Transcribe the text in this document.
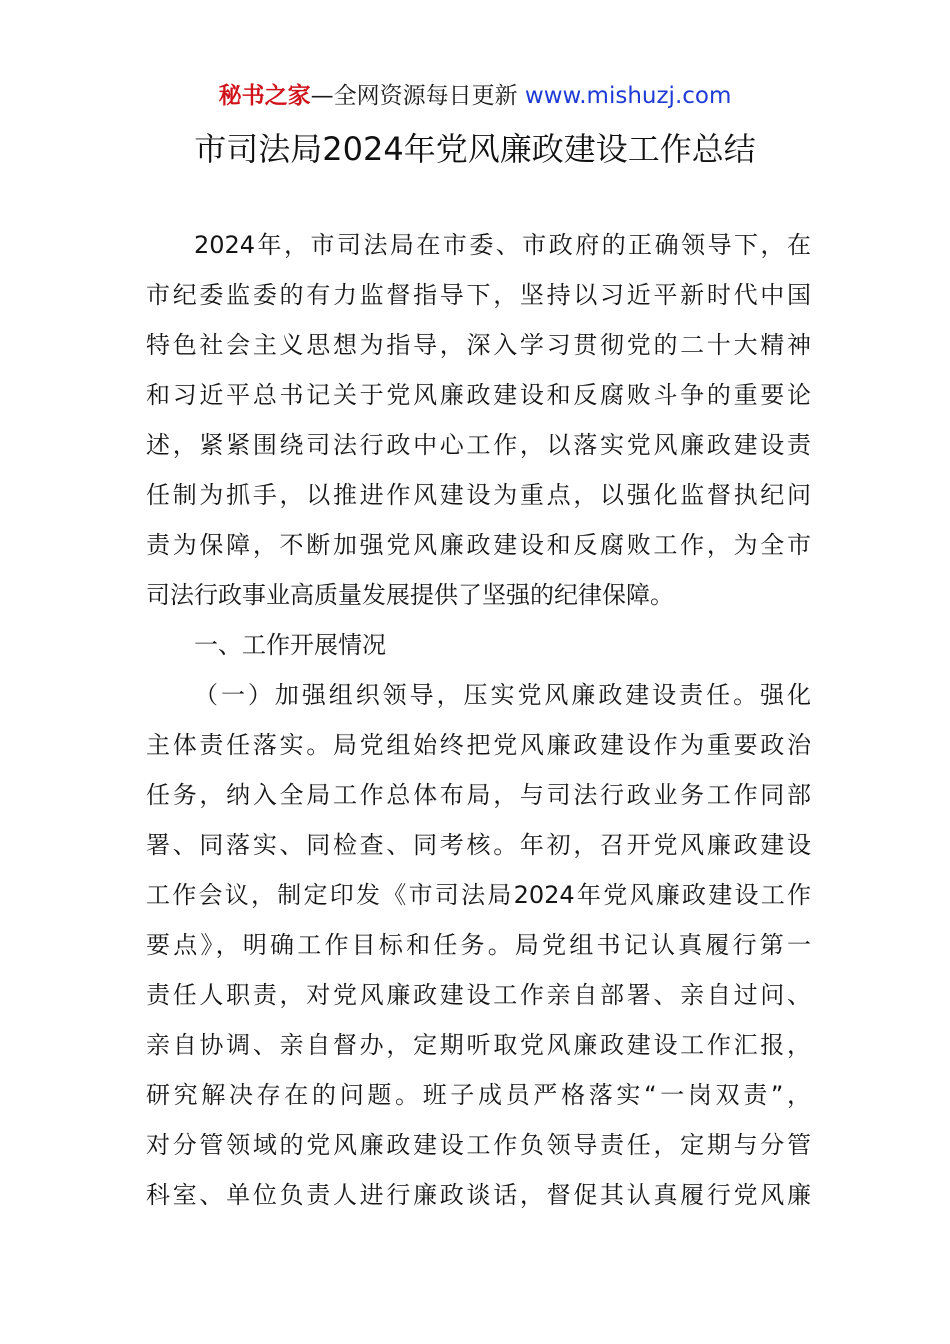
秘书之家—全网资源每日更新 www.mishuzj.com
市司法局2024年党风廉政建设工作总结
2024年，市司法局在市委、市政府的正确领导下，在
市纪委监委的有力监督指导下，坚持以习近平新时代中国
特色社会主义思想为指导，深入学习贯彻党的二十大精神
和习近平总书记关于党风廉政建设和反腐败斗争的重要论
述，紧紧围绕司法行政中心工作，以落实党风廉政建设责
任制为抓手，以推进作风建设为重点，以强化监督执纪问
责为保障，不断加强党风廉政建设和反腐败工作，为全市
司法行政事业高质量发展提供了坚强的纪律保障。
一、工作开展情况
（一）加强组织领导，压实党风廉政建设责任。强化
主体责任落实。局党组始终把党风廉政建设作为重要政治
任务，纳入全局工作总体布局，与司法行政业务工作同部
署、同落实、同检查、同考核。年初，召开党风廉政建设
工作会议，制定印发《市司法局2024年党风廉政建设工作
要点》，明确工作目标和任务。局党组书记认真履行第一
责任人职责，对党风廉政建设工作亲自部署、亲自过问、
亲自协调、亲自督办，定期听取党风廉政建设工作汇报，
研究解决存在的问题。班子成员严格落实“一岗双责”，
对分管领域的党风廉政建设工作负领导责任，定期与分管
科室、单位负责人进行廉政谈话，督促其认真履行党风廉
